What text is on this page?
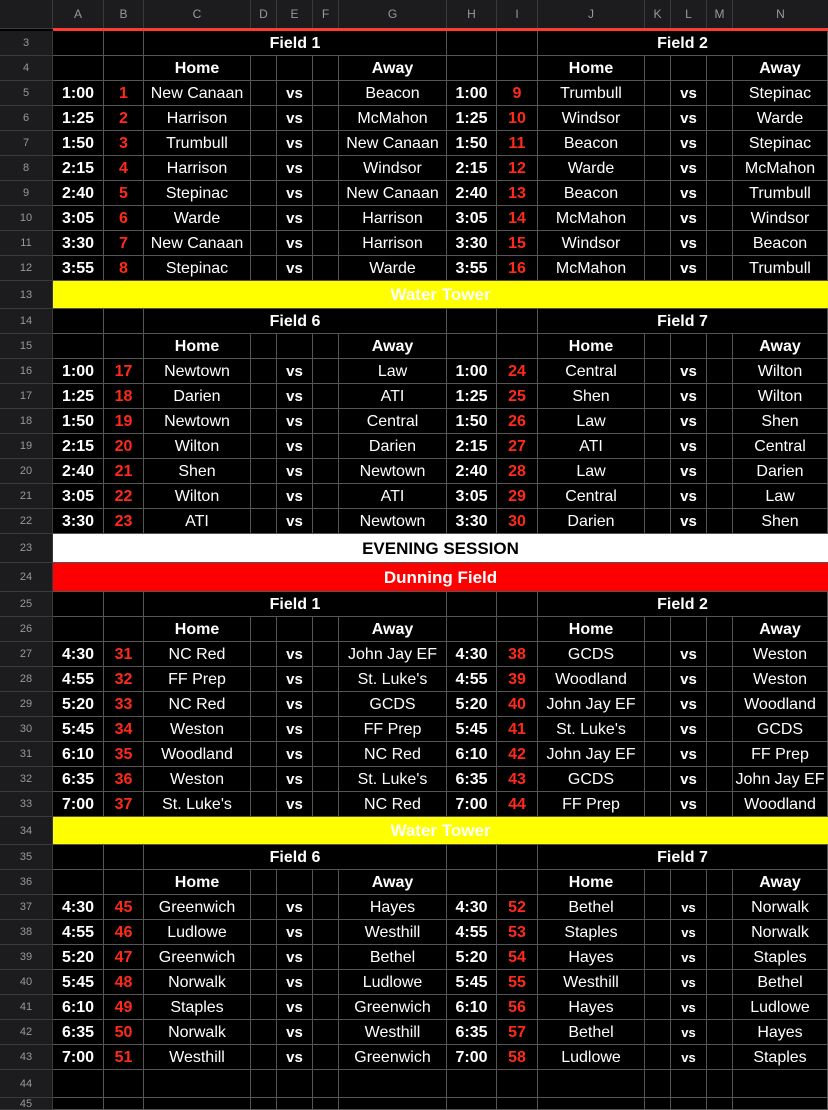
A	B	C	D	E	F	G	H	I	J	K	L	M	N
3	Field 1	Field 2
4	Home	Away	Home	Away
5	1:00	1	New Canaan	vs	Beacon	1:00	9	Trumbull	vs	Stepinac
6	1:25	2	Harrison	vs	McMahon	1:25	10	Windsor	vs	Warde
7	1:50	3	Trumbull	vs	New Canaan	1:50	11	Beacon	vs	Stepinac
8	2:15	4	Harrison	vs	Windsor	2:15	12	Warde	vs	McMahon
9	2:40	5	Stepinac	vs	New Canaan	2:40	13	Beacon	vs	Trumbull
10	3:05	6	Warde	vs	Harrison	3:05	14	McMahon	vs	Windsor
11	3:30	7	New Canaan	vs	Harrison	3:30	15	Windsor	vs	Beacon
12	3:55	8	Stepinac	vs	Warde	3:55	16	McMahon	vs	Trumbull
13	Water Tower
14	Field 6	Field 7
15	Home	Away	Home	Away
16	1:00	17	Newtown	vs	Law	1:00	24	Central	vs	Wilton
17	1:25	18	Darien	vs	ATI	1:25	25	Shen	vs	Wilton
18	1:50	19	Newtown	vs	Central	1:50	26	Law	vs	Shen
19	2:15	20	Wilton	vs	Darien	2:15	27	ATI	vs	Central
20	2:40	21	Shen	vs	Newtown	2:40	28	Law	vs	Darien
21	3:05	22	Wilton	vs	ATI	3:05	29	Central	vs	Law
22	3:30	23	ATI	vs	Newtown	3:30	30	Darien	vs	Shen
23	EVENING SESSION
24	Dunning Field
25	Field 1	Field 2
26	Home	Away	Home	Away
27	4:30	31	NC Red	vs	John Jay EF	4:30	38	GCDS	vs	Weston
28	4:55	32	FF Prep	vs	St. Luke's	4:55	39	Woodland	vs	Weston
29	5:20	33	NC Red	vs	GCDS	5:20	40	John Jay EF	vs	Woodland
30	5:45	34	Weston	vs	FF Prep	5:45	41	St. Luke's	vs	GCDS
31	6:10	35	Woodland	vs	NC Red	6:10	42	John Jay EF	vs	FF Prep
32	6:35	36	Weston	vs	St. Luke's	6:35	43	GCDS	vs	John Jay EF
33	7:00	37	St. Luke's	vs	NC Red	7:00	44	FF Prep	vs	Woodland
34	Water Tower
35	Field 6	Field 7
36	Home	Away	Home	Away
37	4:30	45	Greenwich	vs	Hayes	4:30	52	Bethel	vs	Norwalk
38	4:55	46	Ludlowe	vs	Westhill	4:55	53	Staples	vs	Norwalk
39	5:20	47	Greenwich	vs	Bethel	5:20	54	Hayes	vs	Staples
40	5:45	48	Norwalk	vs	Ludlowe	5:45	55	Westhill	vs	Bethel
41	6:10	49	Staples	vs	Greenwich	6:10	56	Hayes	vs	Ludlowe
42	6:35	50	Norwalk	vs	Westhill	6:35	57	Bethel	vs	Hayes
43	7:00	51	Westhill	vs	Greenwich	7:00	58	Ludlowe	vs	Staples
44
45
